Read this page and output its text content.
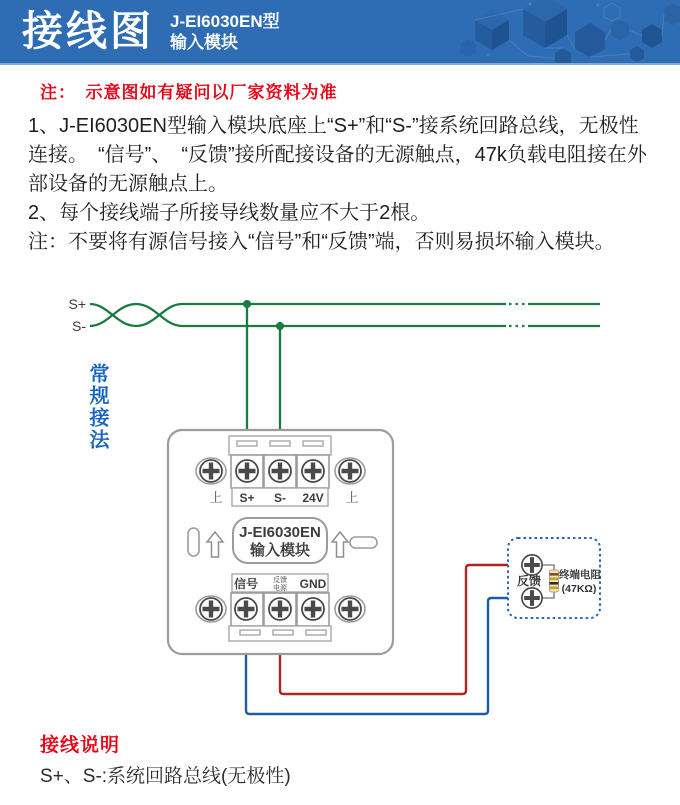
接线图 J-EI6030EN型
输入模块
注：　示意图如有疑问以厂家资料为准

1、J-EI6030EN型输入模块底座上“S+”和“S-”接系统回路总线，无极性连接。　“信号”、　“反馈”接所配接设备的无源触点，47k负载电阻接在外部设备的无源触点上。

2、每个接线端子所接导线数量应不大于2根。

注：不要将有源信号接入“信号”和“反馈”端，否则易损坏输入模块。

常规接法
S+
S-
上 S+ S- 24V 上
J-EI6030EN
输入模块
信号 反馈
电源 GND	反馈 终端电阻
(47KΩ)
接线说明
S+、S-:系统回路总线(无极性)
